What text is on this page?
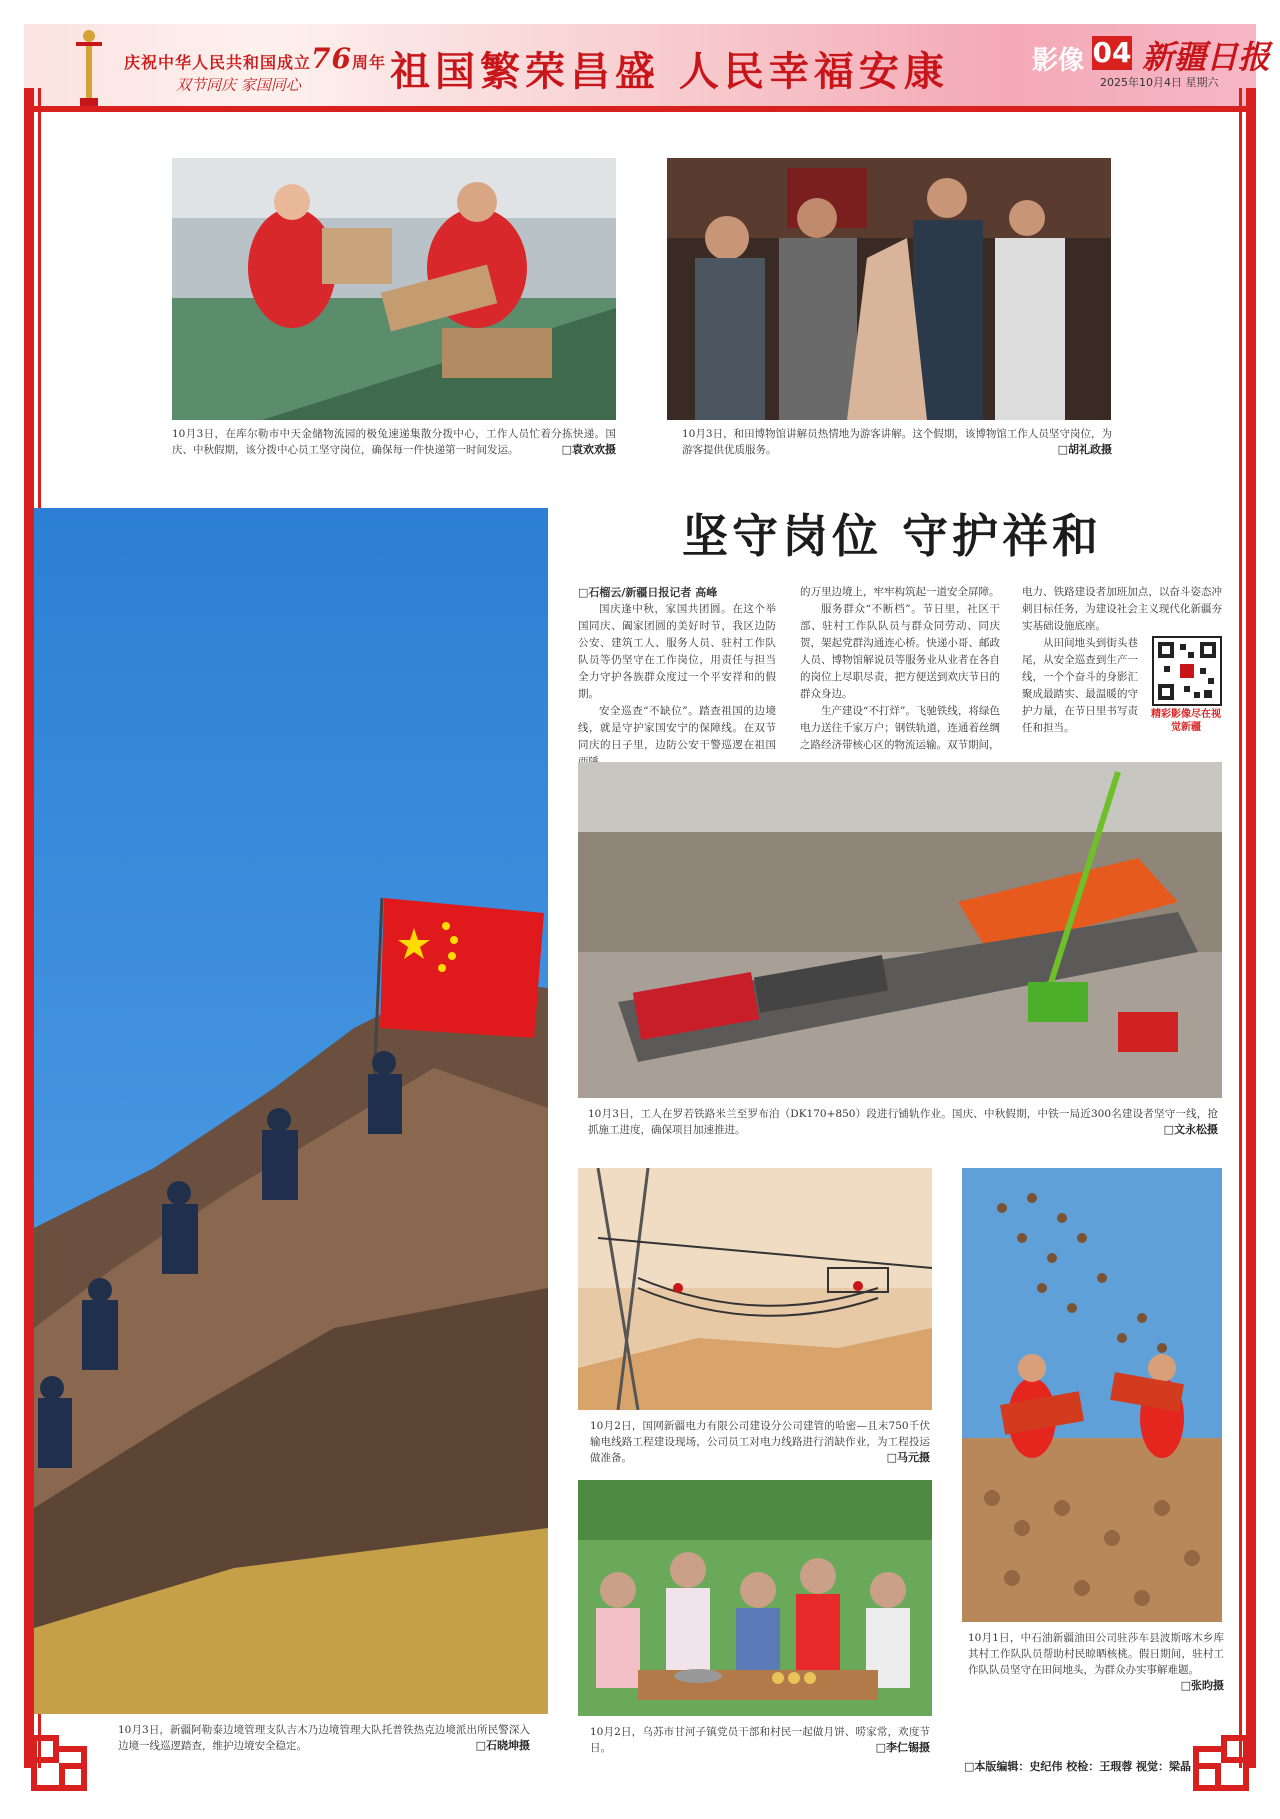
庆祝中华人民共和国成立76周年
双节同庆 家国同心 祖国繁荣昌盛 人民幸福安康	影像 04 新疆日报
2025年10月4日 星期六
10月3日，在库尔勒市中天金储物流园的极兔速递集散分拨中心，工作人员忙着分拣快递。国庆、中秋假期，该分拨中心员工坚守岗位，确保每一件快递第一时间发运。	□袁欢欢摄
10月3日，和田博物馆讲解员热情地为游客讲解。这个假期，该博物馆工作人员坚守岗位，为游客提供优质服务。	□胡礼政摄
10月3日，新疆阿勒泰边境管理支队吉木乃边境管理大队托普铁热克边境派出所民警深入边境一线巡逻踏查，维护边境安全稳定。	□石晓坤摄
坚守岗位 守护祥和

□石榴云/新疆日报记者 高峰

国庆逢中秋，家国共团圆。在这个举国同庆、阖家团圆的美好时节，我区边防公安、建筑工人、服务人员、驻村工作队队员等仍坚守在工作岗位，用责任与担当全力守护各族群众度过一个平安祥和的假期。

安全巡查“不缺位”。踏查祖国的边境线，就是守护家国安宁的保障线。在双节同庆的日子里，边防公安干警巡逻在祖国

的万里边境上，牢牢构筑起一道安全屏障。

服务群众“不断档”。节日里，社区干部、驻村工作队队员与群众同劳动、同庆贺，架起党群沟通连心桥。快递小哥、邮政人员、博物馆解说员等服务业从业者在各自的岗位上尽职尽责，把方便送到欢庆节日的群众身边。

生产建设“不打烊”。飞驰铁线，将绿色电力送往千家万户；钢铁轨道，连通着丝绸之路经济带核心区的物流运输。双节期间，

电力、铁路建设者加班加点，以奋斗姿态冲刺目标任务，为建设社会主义现代化新疆夯实基础设施底座。

从田间地头到街头巷尾，从安全巡查到生产一线，一个个奋斗的身影汇聚成最踏实、最温暖的守护力量，在节日里书写责任和担当。

精彩影像尽在视觉新疆
10月3日，工人在罗若铁路米兰至罗布泊（DK170+850）段进行铺轨作业。国庆、中秋假期，中铁一局近300名建设者坚守一线，抢抓施工进度，确保项目加速推进。	□文永松摄
10月2日，国网新疆电力有限公司建设分公司建管的哈密—且末750千伏输电线路工程建设现场，公司员工对电力线路进行消缺作业，为工程投运做准备。	□马元摄
10月1日，中石油新疆油田公司驻莎车县波斯喀木乡库其村工作队队员帮助村民晾晒核桃。假日期间，驻村工作队队员坚守在田间地头，为群众办实事解难题。
□张昀摄
10月2日，乌苏市甘河子镇党员干部和村民一起做月饼、唠家常，欢度节日。	□李仁锡摄
□本版编辑：史纪伟 校检：王瑕蓉 视觉：梁晶
